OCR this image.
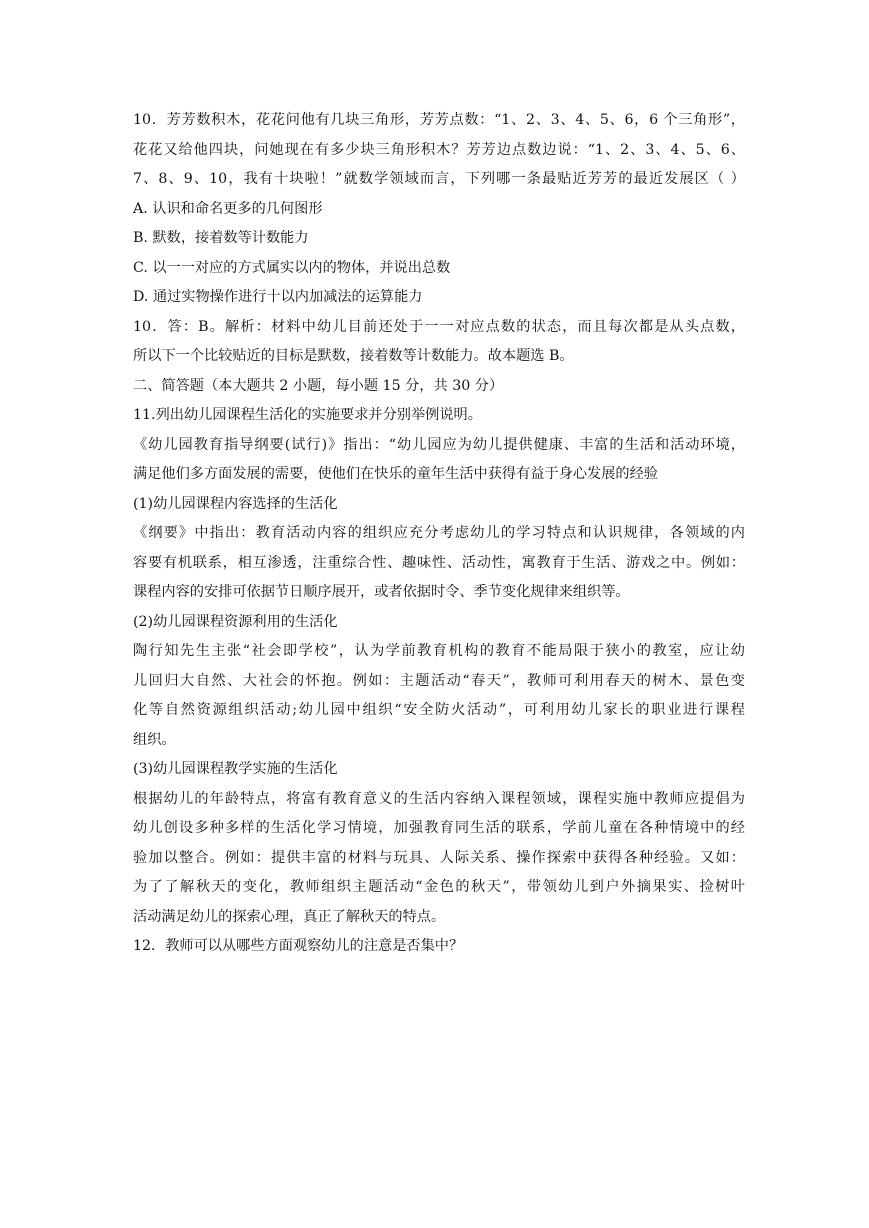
10．芳芳数积木，花花问他有几块三角形，芳芳点数：“1、2、3、4、5、6，6 个三角形”，
花花又给他四块，问她现在有多少块三角形积木？芳芳边点数边说：“1、2、3、4、5、6、
7、8、9、10，我有十块啦！”就数学领域而言，下列哪一条最贴近芳芳的最近发展区（ ）
A. 认识和命名更多的几何图形
B. 默数，接着数等计数能力
C. 以一一对应的方式属实以内的物体，并说出总数
D. 通过实物操作进行十以内加减法的运算能力
10．答：B。解析：材料中幼儿目前还处于一一对应点数的状态，而且每次都是从头点数，
所以下一个比较贴近的目标是默数，接着数等计数能力。故本题选 B。
二、简答题（本大题共 2 小题，每小题 15 分，共 30 分）
11.列出幼儿园课程生活化的实施要求并分别举例说明。
《幼儿园教育指导纲要(试行)》指出：“幼儿园应为幼儿提供健康、丰富的生活和活动环境，
满足他们多方面发展的需要，使他们在快乐的童年生活中获得有益于身心发展的经验
(1)幼儿园课程内容选择的生活化
《纲要》中指出：教育活动内容的组织应充分考虑幼儿的学习特点和认识规律，各领域的内
容要有机联系，相互渗透，注重综合性、趣味性、活动性，寓教育于生活、游戏之中。例如：
课程内容的安排可依据节日顺序展开，或者依据时令、季节变化规律来组织等。
(2)幼儿园课程资源利用的生活化
陶行知先生主张“社会即学校”，认为学前教育机构的教育不能局限于狭小的教室，应让幼
儿回归大自然、大社会的怀抱。例如：主题活动“春天”，教师可利用春天的树木、景色变
化等自然资源组织活动;幼儿园中组织“安全防火活动”，可利用幼儿家长的职业进行课程
组织。
(3)幼儿园课程教学实施的生活化
根据幼儿的年龄特点，将富有教育意义的生活内容纳入课程领域，课程实施中教师应提倡为
幼儿创设多种多样的生活化学习情境，加强教育同生活的联系，学前儿童在各种情境中的经
验加以整合。例如：提供丰富的材料与玩具、人际关系、操作探索中获得各种经验。又如：
为了了解秋天的变化，教师组织主题活动“金色的秋天”，带领幼儿到户外摘果实、捡树叶
活动满足幼儿的探索心理，真正了解秋天的特点。
12．教师可以从哪些方面观察幼儿的注意是否集中？
